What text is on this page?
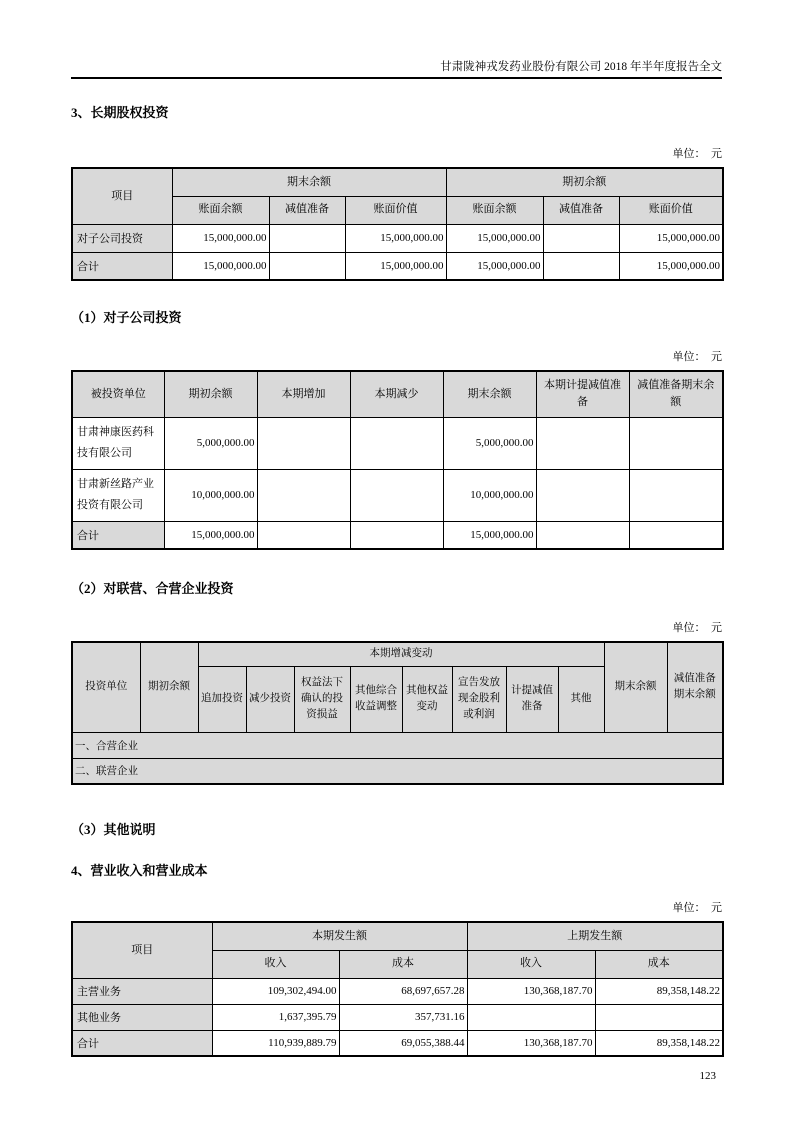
甘肃陇神戎发药业股份有限公司 2018 年半年度报告全文
3、长期股权投资
单位：  元
项目	期末余额			期初余额		
	账面余额	减值准备	账面价值	账面余额	减值准备	账面价值
对子公司投资	15,000,000.00		15,000,000.00	15,000,000.00		15,000,000.00
合计	15,000,000.00		15,000,000.00	15,000,000.00		15,000,000.00
（1）对子公司投资
单位：  元
被投资单位	期初余额	本期增加	本期减少	期末余额	本期计提减值准备	减值准备期末余额
甘肃神康医药科技有限公司	5,000,000.00			5,000,000.00		
甘肃新丝路产业投资有限公司	10,000,000.00			10,000,000.00		
合计	15,000,000.00			15,000,000.00		
（2）对联营、合营企业投资
单位：  元
投资单位	期初余额	本期增减变动								期末余额	减值准备期末余额
		追加投资	减少投资	权益法下确认的投资损益	其他综合收益调整	其他权益变动	宣告发放现金股利或利润	计提减值准备	其他		
一、合营企业											
二、联营企业											
（3）其他说明
4、营业收入和营业成本
单位：  元
项目	本期发生额		上期发生额	
	收入	成本	收入	成本
主营业务	109,302,494.00	68,697,657.28	130,368,187.70	89,358,148.22
其他业务	1,637,395.79	357,731.16		
合计	110,939,889.79	69,055,388.44	130,368,187.70	89,358,148.22
123
